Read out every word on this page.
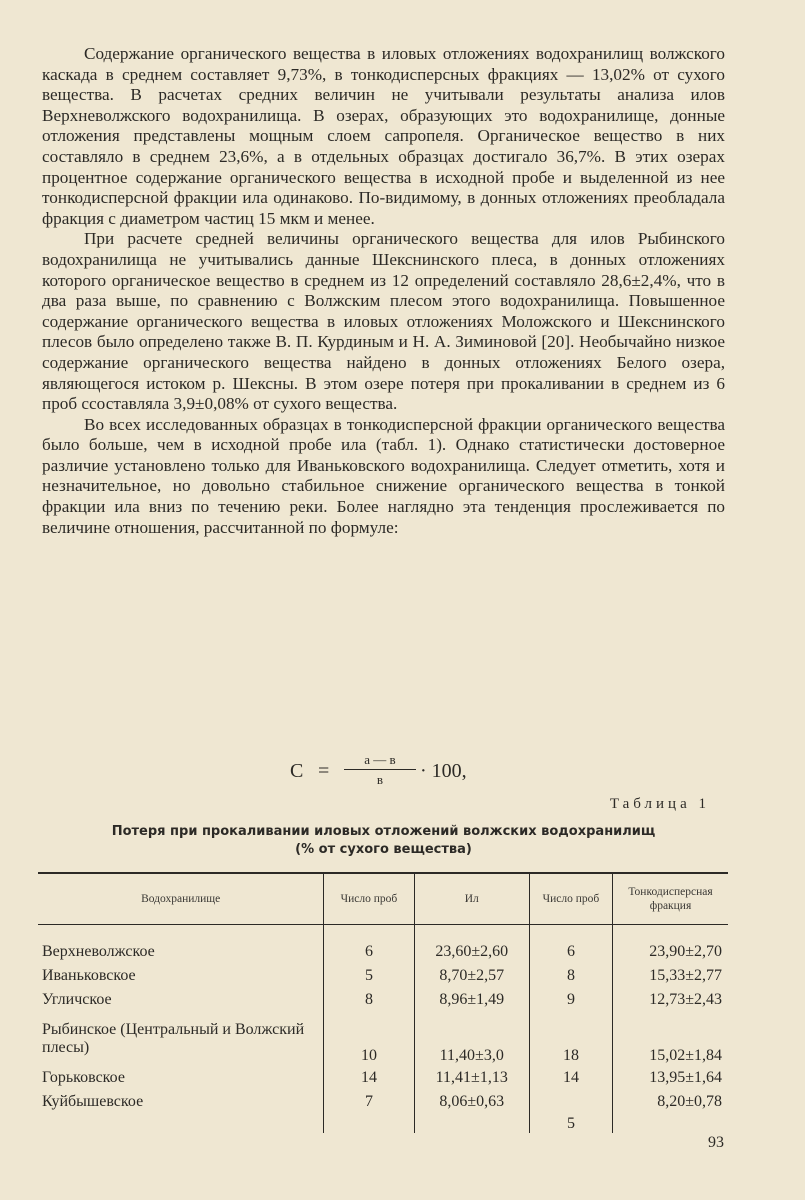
Содержание органического вещества в иловых отложениях водохранилищ волжского каскада в среднем составляет 9,73%, в тонкодисперсных фракциях — 13,02% от сухого вещества. В расчетах средних величин не учитывали результаты анализа илов Верхневолжского водохранилища. В озерах, образующих это водохранилище, донные отложения представлены мощным слоем сапропеля. Органическое вещество в них составляло в среднем 23,6%, а в отдельных образцах достигало 36,7%. В этих озерах процентное содержание органического вещества в исходной пробе и выделенной из нее тонкодисперсной фракции ила одинаково. По-видимому, в донных отложениях преобладала фракция с диаметром частиц 15 мкм и менее.

При расчете средней величины органического вещества для илов Рыбинского водохранилища не учитывались данные Шекснинского плеса, в донных отложениях которого органическое вещество в среднем из 12 определений составляло 28,6±2,4%, что в два раза выше, по сравнению с Волжским плесом этого водохранилища. Повышенное содержание органического вещества в иловых отложениях Моложского и Шекснинского плесов было определено также В. П. Курдиным и Н. А. Зиминовой [20]. Необычайно низкое содержание органического вещества найдено в донных отложениях Белого озера, являющегося истоком р. Шексны. В этом озере потеря при прокаливании в среднем из 6 проб ссоставляла 3,9±0,08% от сухого вещества.

Во всех исследованных образцах в тонкодисперсной фракции органического вещества было больше, чем в исходной пробе ила (табл. 1). Однако статистически достоверное различие установлено только для Иваньковского водохранилища. Следует отметить, хотя и незначительное, но довольно стабильное снижение органического вещества в тонкой фракции ила вниз по течению реки. Более наглядно эта тенденция прослеживается по величине отношения, рассчитанной по формуле:

C =
а — в
в	· 100,
Таблица 1
Потеря при прокаливании иловых отложений волжских водохранилищ
(% от сухого вещества)
Водохранилище	Число проб	Ил	Число проб	Тонкодисперсная фракция

Верхневолжское	6	23,60±2,60	6	23,90±2,70
Иваньковское	5	8,70±2,57	8	15,33±2,77
Угличское	8	8,96±1,49	9	12,73±2,43
Рыбинское (Центральный и Волжский плесы)	10	11,40±3,0	18	15,02±1,84
Горьковское	14	11,41±1,13	14	13,95±1,64
Куйбышевское	7	8,06±0,63	5	8,20±0,78
93
